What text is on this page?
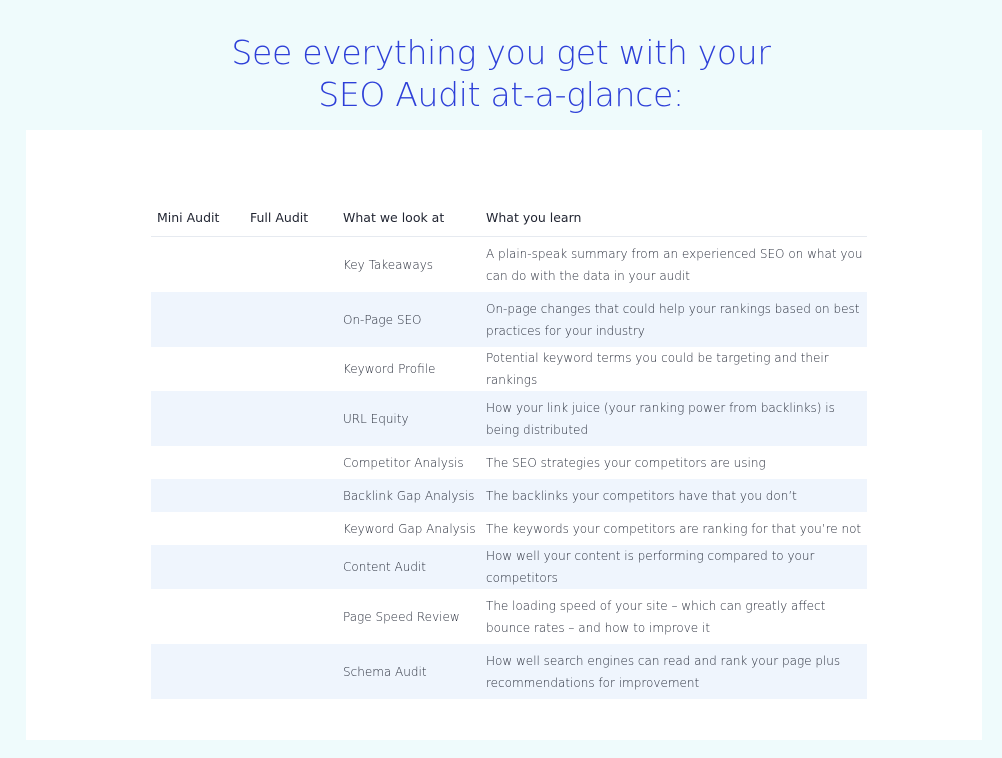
See everything you get with your
SEO Audit at-a-glance:
Mini Audit	Full Audit	What we look at	What you learn
		Key Takeaways	A plain-speak summary from an experienced SEO on what you can do with the data in your audit
		On-Page SEO	On-page changes that could help your rankings based on best practices for your industry
		Keyword Profile	Potential keyword terms you could be targeting and their rankings
		URL Equity	How your link juice (your ranking power from backlinks) is being distributed
		Competitor Analysis	The SEO strategies your competitors are using
		Backlink Gap Analysis	The backlinks your competitors have that you don’t
		Keyword Gap Analysis	The keywords your competitors are ranking for that you’re not
		Content Audit	How well your content is performing compared to your competitors
		Page Speed Review	The loading speed of your site – which can greatly affect bounce rates – and how to improve it
		Schema Audit	How well search engines can read and rank your page plus recommendations for improvement
